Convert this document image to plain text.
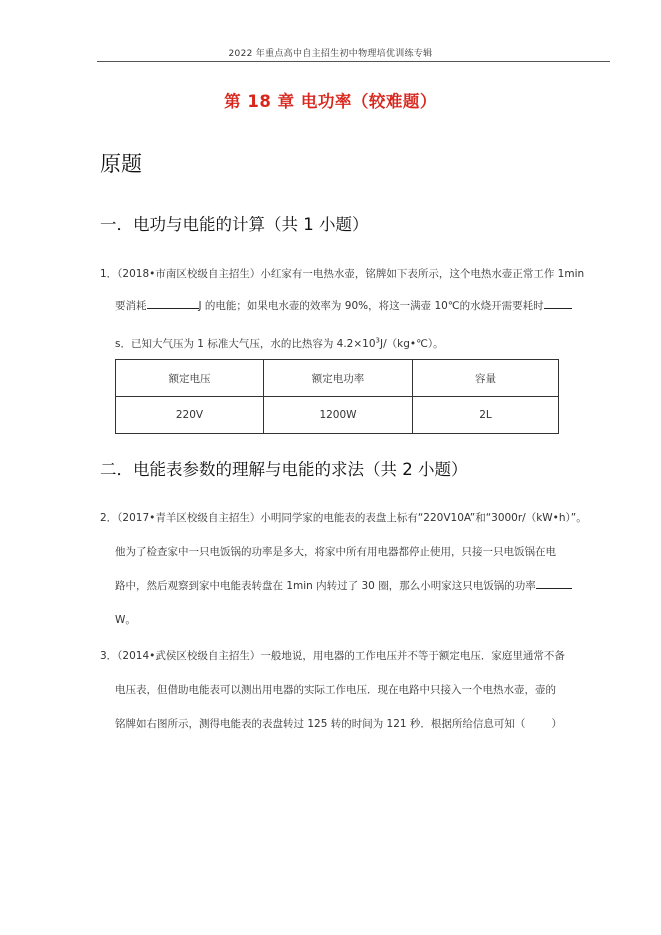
2022 年重点高中自主招生初中物理培优训练专辑
第 18 章 电功率（较难题）
原题
一．电功与电能的计算（共 1 小题）
1．（2018•市南区校级自主招生）小红家有一电热水壶，铭牌如下表所示，这个电热水壶正常工作 1min
要消耗	J 的电能；如果电水壶的效率为 90%，将这一满壶 10℃的水烧开需要耗时
s．已知大气压为 1 标准大气压，水的比热容为 $4.2\times 10^3J/(kg•℃)$。
额定电压	额定电功率	容量
220V	1200W	2L
二．电能表参数的理解与电能的求法（共 2 小题）
2．（2017•青羊区校级自主招生）小明同学家的电能表的表盘上标有“220V10A”和“3000r/（kW•h）”。
他为了检查家中一只电饭锅的功率是多大，将家中所有用电器都停止使用，只接一只电饭锅在电
路中，然后观察到家中电能表转盘在 1min 内转过了 30 圈，那么小明家这只电饭锅的功率
W。
3．（2014•武侯区校级自主招生）一般地说，用电器的工作电压并不等于额定电压．家庭里通常不备
电压表，但借助电能表可以测出用电器的实际工作电压．现在电路中只接入一个电热水壶，壶的
铭牌如右图所示，测得电能表的表盘转过 125 转的时间为 121 秒．根据所给信息可知（ ）
